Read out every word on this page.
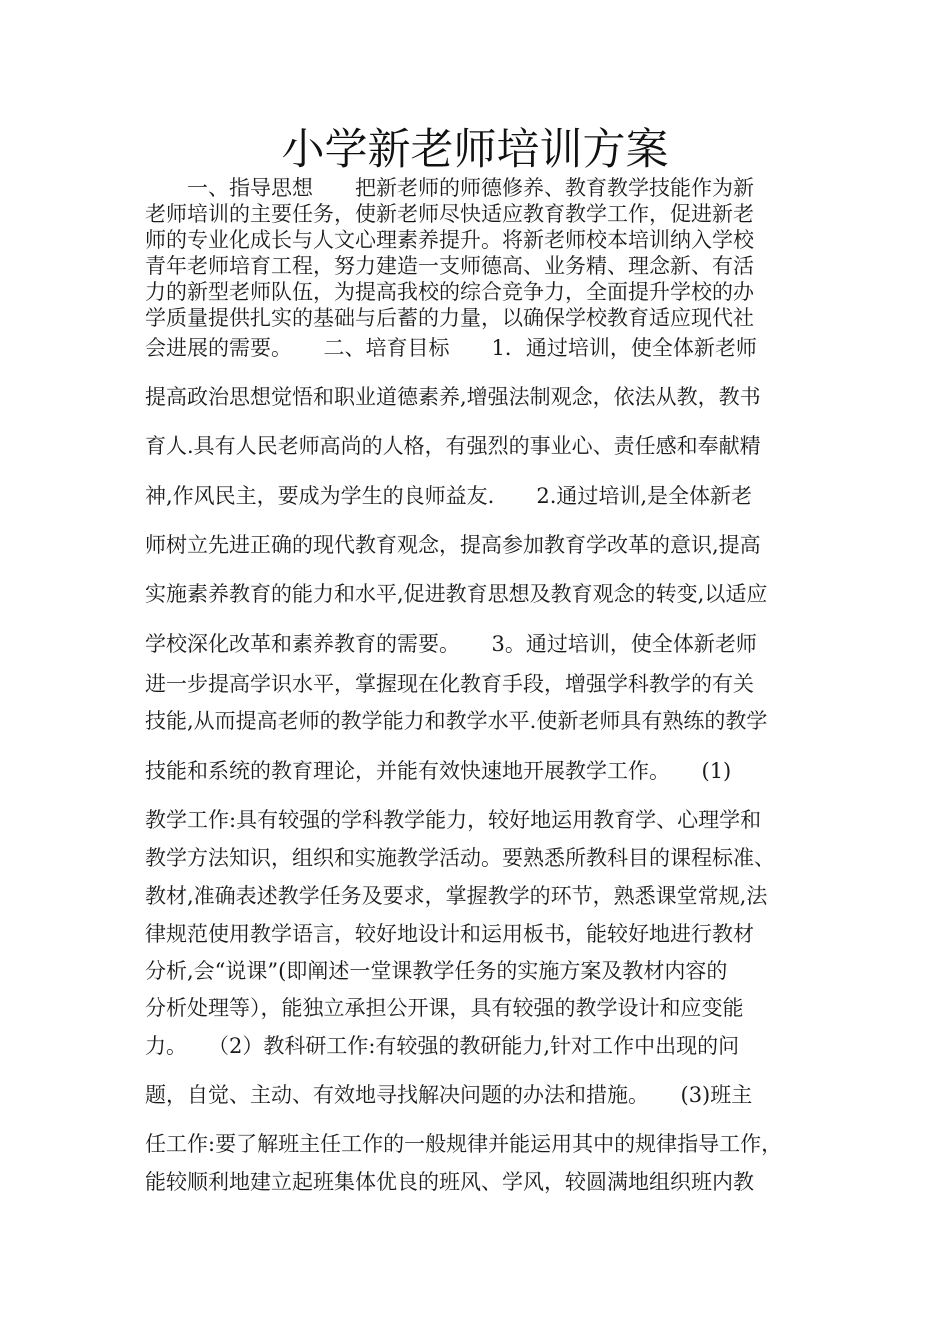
小学新老师培训方案
　　一、指导思想　　把新老师的师德修养、教育教学技能作为新
老师培训的主要任务，使新老师尽快适应教育教学工作，促进新老
师的专业化成长与人文心理素养提升。将新老师校本培训纳入学校
青年老师培育工程，努力建造一支师德高、业务精、理念新、有活
力的新型老师队伍，为提高我校的综合竞争力，全面提升学校的办
学质量提供扎实的基础与后蓄的力量，以确保学校教育适应现代社
会进展的需要。　　二、培育目标　　1．通过培训，使全体新老师
提高政治思想觉悟和职业道德素养,增强法制观念，依法从教，教书
育人.具有人民老师高尚的人格，有强烈的事业心、责任感和奉献精
神,作风民主，要成为学生的良师益友.　　2.通过培训,是全体新老
师树立先进正确的现代教育观念，提高参加教育学改革的意识,提高
实施素养教育的能力和水平,促进教育思想及教育观念的转变,以适应
学校深化改革和素养教育的需要。　　3。通过培训，使全体新老师
进一步提高学识水平，掌握现在化教育手段，增强学科教学的有关
技能,从而提高老师的教学能力和教学水平.使新老师具有熟练的教学
技能和系统的教育理论，并能有效快速地开展教学工作。　　(1)
教学工作:具有较强的学科教学能力，较好地运用教育学、心理学和
教学方法知识，组织和实施教学活动。要熟悉所教科目的课程标准、
教材,准确表述教学任务及要求，掌握教学的环节，熟悉课堂常规,法
律规范使用教学语言，较好地设计和运用板书，能较好地进行教材
分析,会“说课”(即阐述一堂课教学任务的实施方案及教材内容的
分析处理等），能独立承担公开课，具有较强的教学设计和应变能
力。　　（2）教科研工作:有较强的教研能力,针对工作中出现的问
题，自觉、主动、有效地寻找解决问题的办法和措施。　　(3)班主
任工作:要了解班主任工作的一般规律并能运用其中的规律指导工作，
能较顺利地建立起班集体优良的班风、学风，较圆满地组织班内教
